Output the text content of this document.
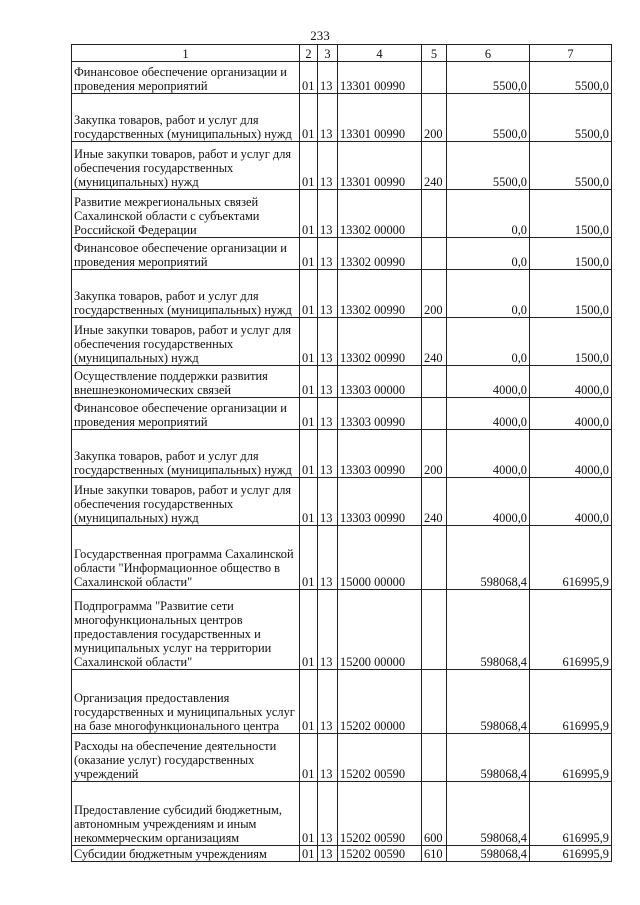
233
1	2	3	4	5	6	7
Финансовое обеспечение организации и проведения мероприятий	01	13	13301 00990		5500,0	5500,0
Закупка товаров, работ и услуг для государственных (муниципальных) нужд	01	13	13301 00990	200	5500,0	5500,0
Иные закупки товаров, работ и услуг для обеспечения государственных (муниципальных) нужд	01	13	13301 00990	240	5500,0	5500,0
Развитие межрегиональных связей Сахалинской области с субъектами Российской Федерации	01	13	13302 00000		0,0	1500,0
Финансовое обеспечение организации и проведения мероприятий	01	13	13302 00990		0,0	1500,0
Закупка товаров, работ и услуг для государственных (муниципальных) нужд	01	13	13302 00990	200	0,0	1500,0
Иные закупки товаров, работ и услуг для обеспечения государственных (муниципальных) нужд	01	13	13302 00990	240	0,0	1500,0
Осуществление поддержки развития внешнеэкономических связей	01	13	13303 00000		4000,0	4000,0
Финансовое обеспечение организации и проведения мероприятий	01	13	13303 00990		4000,0	4000,0
Закупка товаров, работ и услуг для государственных (муниципальных) нужд	01	13	13303 00990	200	4000,0	4000,0
Иные закупки товаров, работ и услуг для обеспечения государственных (муниципальных) нужд	01	13	13303 00990	240	4000,0	4000,0
Государственная программа Сахалинской области "Информационное общество в Сахалинской области"	01	13	15000 00000		598068,4	616995,9
Подпрограмма "Развитие сети многофункциональных центров предоставления государственных и муниципальных услуг на территории Сахалинской области"	01	13	15200 00000		598068,4	616995,9
Организация предоставления государственных и муниципальных услуг на базе многофункционального центра	01	13	15202 00000		598068,4	616995,9
Расходы на обеспечение деятельности (оказание услуг) государственных учреждений	01	13	15202 00590		598068,4	616995,9
Предоставление субсидий бюджетным, автономным учреждениям и иным некоммерческим организациям	01	13	15202 00590	600	598068,4	616995,9
Субсидии бюджетным учреждениям	01	13	15202 00590	610	598068,4	616995,9
